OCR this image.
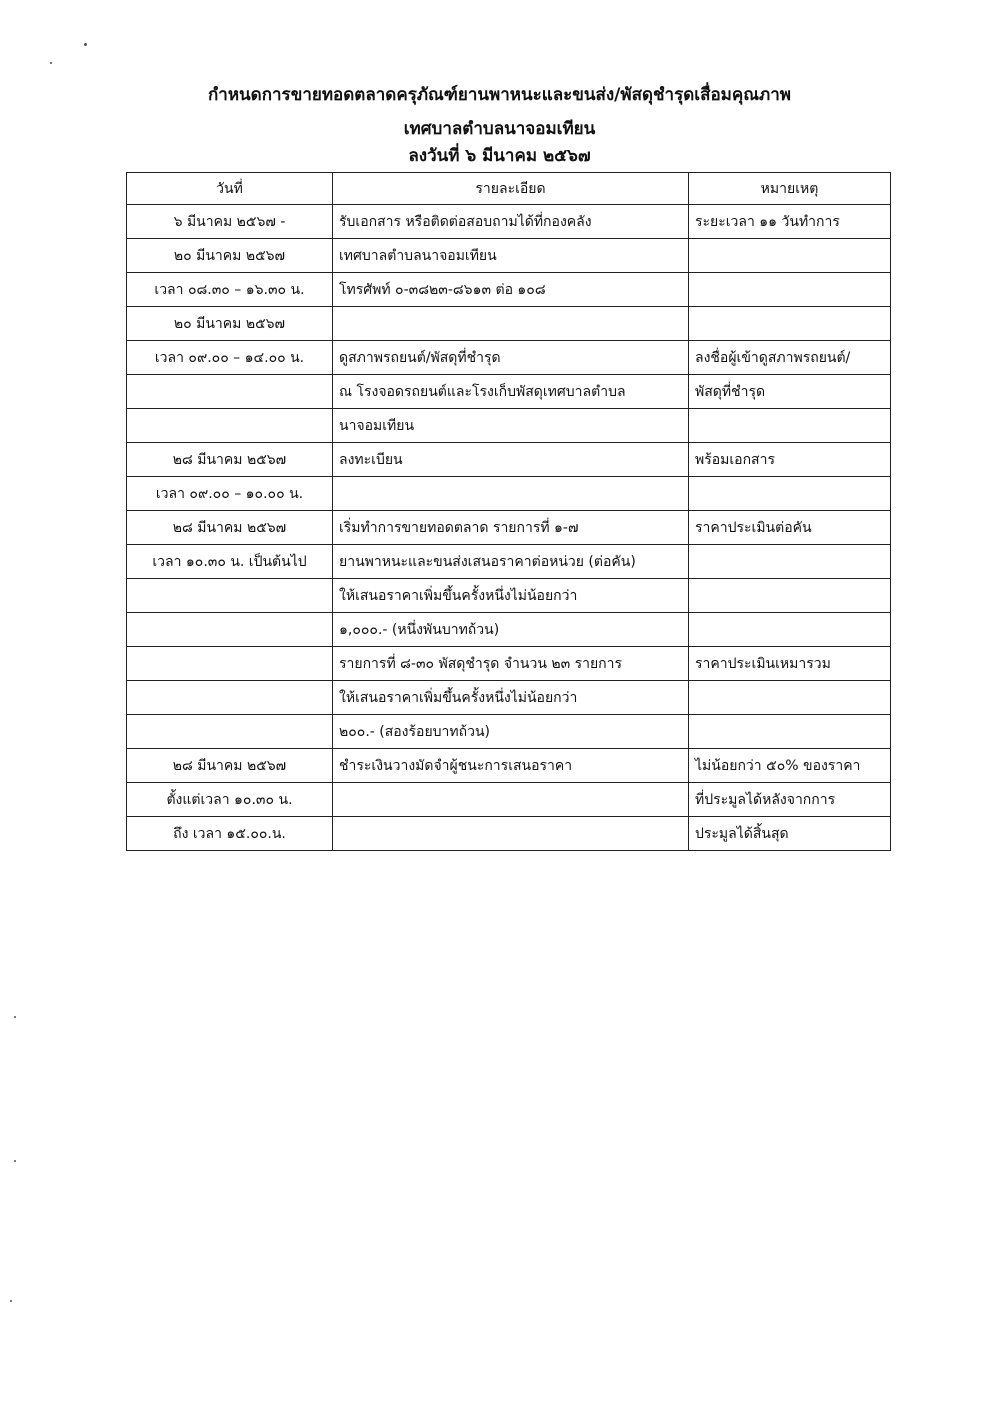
กำหนดการขายทอดตลาดครุภัณฑ์ยานพาหนะและขนส่ง/พัสดุชำรุดเสื่อมคุณภาพ
เทศบาลตำบลนาจอมเทียน
ลงวันที่ ๖ มีนาคม ๒๕๖๗
วันที่	รายละเอียด	หมายเหตุ
๖ มีนาคม ๒๕๖๗ -	รับเอกสาร หรือติดต่อสอบถามได้ที่กองคลัง	ระยะเวลา ๑๑ วันทำการ
๒๐ มีนาคม ๒๕๖๗	เทศบาลตำบลนาจอมเทียน	
เวลา ๐๘.๓๐ – ๑๖.๓๐ น.	โทรศัพท์ ๐-๓๘๒๓-๘๖๑๓ ต่อ ๑๐๘	
๒๐ มีนาคม ๒๕๖๗		
เวลา ๐๙.๐๐ – ๑๔.๐๐ น.	ดูสภาพรถยนต์/พัสดุที่ชำรุด	ลงชื่อผู้เข้าดูสภาพรถยนต์/
	ณ โรงจอดรถยนต์และโรงเก็บพัสดุเทศบาลตำบล	พัสดุที่ชำรุด
	นาจอมเทียน	
๒๘ มีนาคม ๒๕๖๗	ลงทะเบียน	พร้อมเอกสาร
เวลา ๐๙.๐๐ – ๑๐.๐๐ น.		
๒๘ มีนาคม ๒๕๖๗	เริ่มทำการขายทอดตลาด รายการที่ ๑-๗	ราคาประเมินต่อคัน
เวลา ๑๐.๓๐ น. เป็นต้นไป	ยานพาหนะและขนส่งเสนอราคาต่อหน่วย (ต่อคัน)	
	ให้เสนอราคาเพิ่มขึ้นครั้งหนึ่งไม่น้อยกว่า	
	๑,๐๐๐.- (หนึ่งพันบาทถ้วน)	
	รายการที่ ๘-๓๐ พัสดุชำรุด จำนวน ๒๓ รายการ	ราคาประเมินเหมารวม
	ให้เสนอราคาเพิ่มขึ้นครั้งหนึ่งไม่น้อยกว่า	
	๒๐๐.- (สองร้อยบาทถ้วน)	
๒๘ มีนาคม ๒๕๖๗	ชำระเงินวางมัดจำผู้ชนะการเสนอราคา	ไม่น้อยกว่า ๕๐% ของราคา
ตั้งแต่เวลา ๑๐.๓๐ น.		ที่ประมูลได้หลังจากการ
ถึง เวลา ๑๕.๐๐.น.		ประมูลได้สิ้นสุด
